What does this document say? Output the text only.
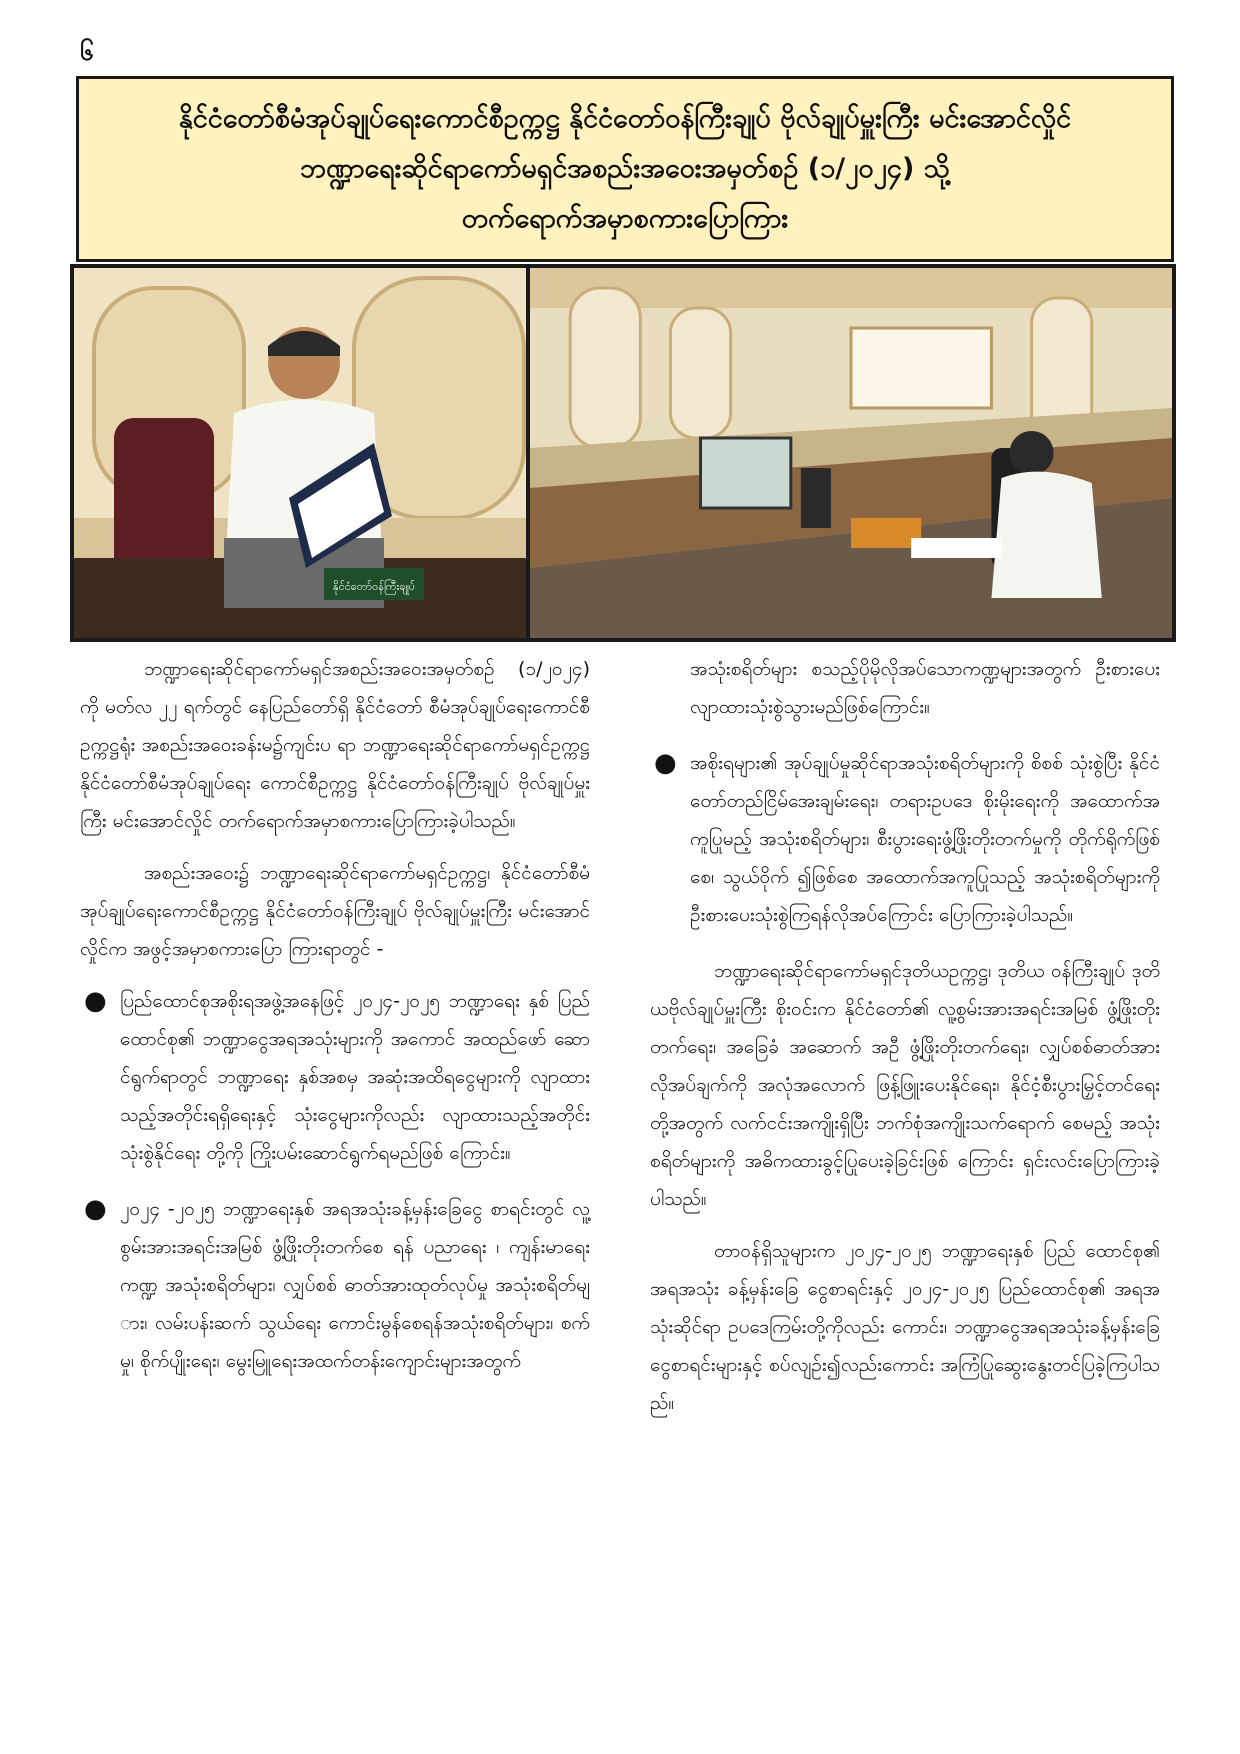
၆
နိုင်ငံတော်စီမံအုပ်ချုပ်ရေးကောင်စီဥက္ကဋ္ဌ နိုင်ငံတော်ဝန်ကြီးချုပ် ဗိုလ်ချုပ်မှူးကြီး မင်းအောင်လှိုင်
ဘဏ္ဍာရေးဆိုင်ရာကော်မရှင်အစည်းအဝေးအမှတ်စဉ် (၁/၂၀၂၄) သို့
တက်ရောက်အမှာစကားပြောကြား
နိုင်ငံတော်ဝန်ကြီးချုပ်

ဘဏ္ဍာရေးဆိုင်ရာကော်မရှင်အစည်းအဝေးအမှတ်စဉ် (၁/၂၀၂၄)ကို မတ်လ ၂၂ ရက်တွင် နေပြည်တော်ရှိ နိုင်ငံတော် စီမံအုပ်ချုပ်ရေးကောင်စီဥက္ကဋ္ဌရုံး အစည်းအဝေးခန်းမ၌ကျင်းပ ရာ ဘဏ္ဍာရေးဆိုင်ရာကော်မရှင်ဥက္ကဋ္ဌ နိုင်ငံတော်စီမံအုပ်ချုပ်ရေး ကောင်စီဥက္ကဋ္ဌ နိုင်ငံတော်ဝန်ကြီးချုပ် ဗိုလ်ချုပ်မှူးကြီး မင်းအောင်လှိုင် တက်ရောက်အမှာစကားပြောကြားခဲ့ပါသည်။

အစည်းအဝေး၌ ဘဏ္ဍာရေးဆိုင်ရာကော်မရှင်ဥက္ကဋ္ဌ၊ နိုင်ငံတော်စီမံအုပ်ချုပ်ရေးကောင်စီဥက္ကဋ္ဌ နိုင်ငံတော်ဝန်ကြီးချုပ် ဗိုလ်ချုပ်မှူးကြီး မင်းအောင်လှိုင်က အဖွင့်အမှာစကားပြော ကြားရာတွင် -

● ပြည်ထောင်စုအစိုးရအဖွဲ့အနေဖြင့် ၂၀၂၄-၂၀၂၅ ဘဏ္ဍာရေး နှစ် ပြည်ထောင်စု၏ ဘဏ္ဍာငွေအရအသုံးများကို အကောင် အထည်ဖော် ဆောင်ရွက်ရာတွင် ဘဏ္ဍာရေး နှစ်အစမှ အဆုံးအထိရငွေများကို လျာထားသည့်အတိုင်းရရှိရေးနှင့် သုံးငွေများကိုလည်း လျာထားသည့်အတိုင်း သုံးစွဲနိုင်ရေး တို့ကို ကြိုးပမ်းဆောင်ရွက်ရမည်ဖြစ် ကြောင်း။
● ၂၀၂၄ -၂၀၂၅ ဘဏ္ဍာရေးနှစ် အရအသုံးခန့်မှန်းခြေငွေ စာရင်းတွင် လူ့စွမ်းအားအရင်းအမြစ် ဖွံ့ဖြိုးတိုးတက်စေ ရန် ပညာရေး ၊ ကျန်းမာရေးကဏ္ဍ အသုံးစရိတ်များ၊ လျှပ်စစ် ဓာတ်အားထုတ်လုပ်မှု အသုံးစရိတ်များ၊ လမ်းပန်းဆက် သွယ်ရေး ကောင်းမွန်စေရန်အသုံးစရိတ်များ၊ စက်မှု၊ စိုက်ပျိုးရေး၊ မွေးမြူရေးအထက်တန်းကျောင်းများအတွက်
အသုံးစရိတ်များ စသည့်ပိုမိုလိုအပ်သောကဏ္ဍများအတွက် ဦးစားပေး လျာထားသုံးစွဲသွားမည်ဖြစ်ကြောင်း။
● အစိုးရများ၏ အုပ်ချုပ်မှုဆိုင်ရာအသုံးစရိတ်များကို စိစစ် သုံးစွဲပြီး နိုင်ငံတော်တည်ငြိမ်အေးချမ်းရေး၊ တရားဥပဒေ စိုးမိုးရေးကို အထောက်အကူပြုမည့် အသုံးစရိတ်များ၊ စီးပွားရေးဖွံ့ဖြိုးတိုးတက်မှုကို တိုက်ရိုက်ဖြစ်စေ၊ သွယ်ဝိုက် ၍ဖြစ်စေ အထောက်အကူပြုသည့် အသုံးစရိတ်များကို ဦးစားပေးသုံးစွဲကြရန်လိုအပ်ကြောင်း ပြောကြားခဲ့ပါသည်။

ဘဏ္ဍာရေးဆိုင်ရာကော်မရှင်ဒုတိယဥက္ကဋ္ဌ၊ ဒုတိယ ဝန်ကြီးချုပ် ဒုတိယဗိုလ်ချုပ်မှူးကြီး စိုးဝင်းက နိုင်ငံတော်၏ လူ့စွမ်းအားအရင်းအမြစ် ဖွံ့ဖြိုးတိုးတက်ရေး၊ အခြေခံ အဆောက် အဦ ဖွံ့ဖြိုးတိုးတက်ရေး၊ လျှပ်စစ်ဓာတ်အား လိုအပ်ချက်ကို အလုံအလောက် ဖြန့်ဖြူးပေးနိုင်ရေး၊ နိုင်ငံ့စီးပွားမြှင့်တင်ရေး တို့အတွက် လက်ငင်းအကျိုးရှိပြီး ဘက်စုံအကျိုးသက်ရောက် စေမည့် အသုံးစရိတ်များကို အဓိကထားခွင့်ပြုပေးခဲ့ခြင်းဖြစ် ကြောင်း ရှင်းလင်းပြောကြားခဲ့ပါသည်။

တာဝန်ရှိသူများက ၂၀၂၄-၂၀၂၅ ဘဏ္ဍာရေးနှစ် ပြည် ထောင်စု၏ အရအသုံး ခန့်မှန်းခြေ ငွေစာရင်းနှင့် ၂၀၂၄-၂၀၂၅ ပြည်ထောင်စု၏ အရအသုံးဆိုင်ရာ ဥပဒေကြမ်းတို့ကိုလည်း ကောင်း၊ ဘဏ္ဍာငွေအရအသုံးခန့်မှန်းခြေ ငွေစာရင်းများနှင့် စပ်လျဉ်း၍လည်းကောင်း အကြံပြုဆွေးနွေးတင်ပြခဲ့ကြပါသည်။
